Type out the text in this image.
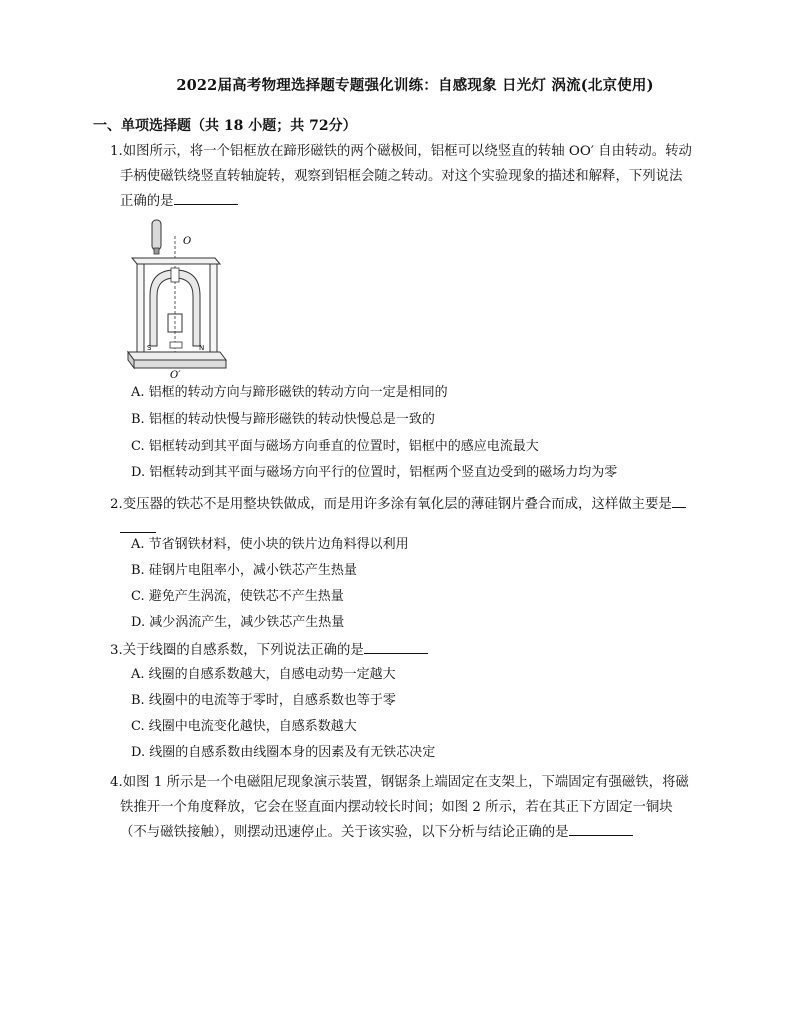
2022届高考物理选择题专题强化训练：自感现象 日光灯 涡流(北京使用)
一、单项选择题（共 18 小题；共 72分）
1.如图所示，将一个铝框放在蹄形磁铁的两个磁极间，铝框可以绕竖直的转轴 OO′ 自由转动。转动
手柄使磁铁绕竖直转轴旋转，观察到铝框会随之转动。对这个实验现象的描述和解释，下列说法
正确的是
O
O′
S	N
A. 铝框的转动方向与蹄形磁铁的转动方向一定是相同的
B. 铝框的转动快慢与蹄形磁铁的转动快慢总是一致的
C. 铝框转动到其平面与磁场方向垂直的位置时，铝框中的感应电流最大
D. 铝框转动到其平面与磁场方向平行的位置时，铝框两个竖直边受到的磁场力均为零
2.变压器的铁芯不是用整块铁做成，而是用许多涂有氧化层的薄硅钢片叠合而成，这样做主要是
A. 节省钢铁材料，使小块的铁片边角料得以利用
B. 硅钢片电阻率小，减小铁芯产生热量
C. 避免产生涡流，使铁芯不产生热量
D. 减少涡流产生，减少铁芯产生热量
3.关于线圈的自感系数，下列说法正确的是
A. 线圈的自感系数越大，自感电动势一定越大
B. 线圈中的电流等于零时，自感系数也等于零
C. 线圈中电流变化越快，自感系数越大
D. 线圈的自感系数由线圈本身的因素及有无铁芯决定
4.如图 1 所示是一个电磁阻尼现象演示装置，钢锯条上端固定在支架上，下端固定有强磁铁，将磁
铁推开一个角度释放，它会在竖直面内摆动较长时间；如图 2 所示，若在其正下方固定一铜块
（不与磁铁接触），则摆动迅速停止。关于该实验，以下分析与结论正确的是
